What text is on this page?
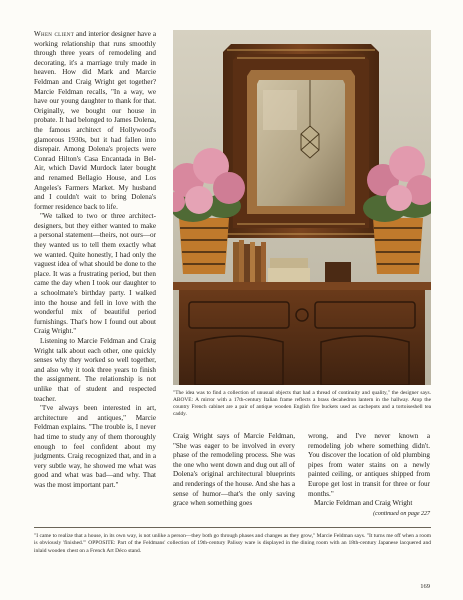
When client and interior designer have a working relationship that runs smoothly through three years of remodeling and decorating, it's a marriage truly made in heaven. How did Mark and Marcie Feldman and Craig Wright get together? Marcie Feldman recalls, "In a way, we have our young daughter to thank for that. Originally, we bought our house in probate. It had belonged to James Dolena, the famous architect of Hollywood's glamorous 1930s, but it had fallen into disrepair. Among Dolena's projects were Conrad Hilton's Casa Encantada in Bel-Air, which David Murdock later bought and renamed Bellagio House, and Los Angeles's Farmers Market. My husband and I couldn't wait to bring Dolena's former residence back to life.

"We talked to two or three architect-designers, but they either wanted to make a personal statement—theirs, not ours—or they wanted us to tell them exactly what we wanted. Quite honestly, I had only the vaguest idea of what should be done to the place. It was a frustrating period, but then came the day when I took our daughter to a schoolmate's birthday party. I walked into the house and fell in love with the wonderful mix of beautiful period furnishings. That's how I found out about Craig Wright."

Listening to Marcie Feldman and Craig Wright talk about each other, one quickly senses why they worked so well together, and also why it took three years to finish the assignment. The relationship is not unlike that of student and respected teacher.

"I've always been interested in art, architecture and antiques," Marcie Feldman explains. "The trouble is, I never had time to study any of them thoroughly enough to feel confident about my judgments. Craig recognized that, and in a very subtle way, he showed me what was good and what was bad—and why. That was the most important part."

"The idea was to find a collection of unusual objects that had a thread of continuity and quality," the designer says. ABOVE: A mirror with a 17th-century Italian frame reflects a brass decahedron lantern in the hallway. Atop the country French cabinet are a pair of antique wooden English fire buckets used as cachepots and a tortoiseshell tea caddy.

Craig Wright says of Marcie Feldman, "She was eager to be involved in every phase of the remodeling process. She was the one who went down and dug out all of Dolena's original architectural blueprints and renderings of the house. And she has a sense of humor—that's the only saving grace when something goes

wrong, and I've never known a remodeling job where something didn't. You discover the location of old plumbing pipes from water stains on a newly painted ceiling, or antiques shipped from Europe get lost in transit for three or four months."

Marcie Feldman and Craig Wright

(continued on page 227
"I came to realize that a house, in its own way, is not unlike a person—they both go through phases and changes as they grow," Marcie Feldman says. "It turns me off when a room is obviously 'finished.'" OPPOSITE: Part of the Feldmans' collection of 19th-century Palissy ware is displayed in the dining room with an 18th-century Japanese lacquered and inlaid wooden chest on a French Art Déco stand.
169
